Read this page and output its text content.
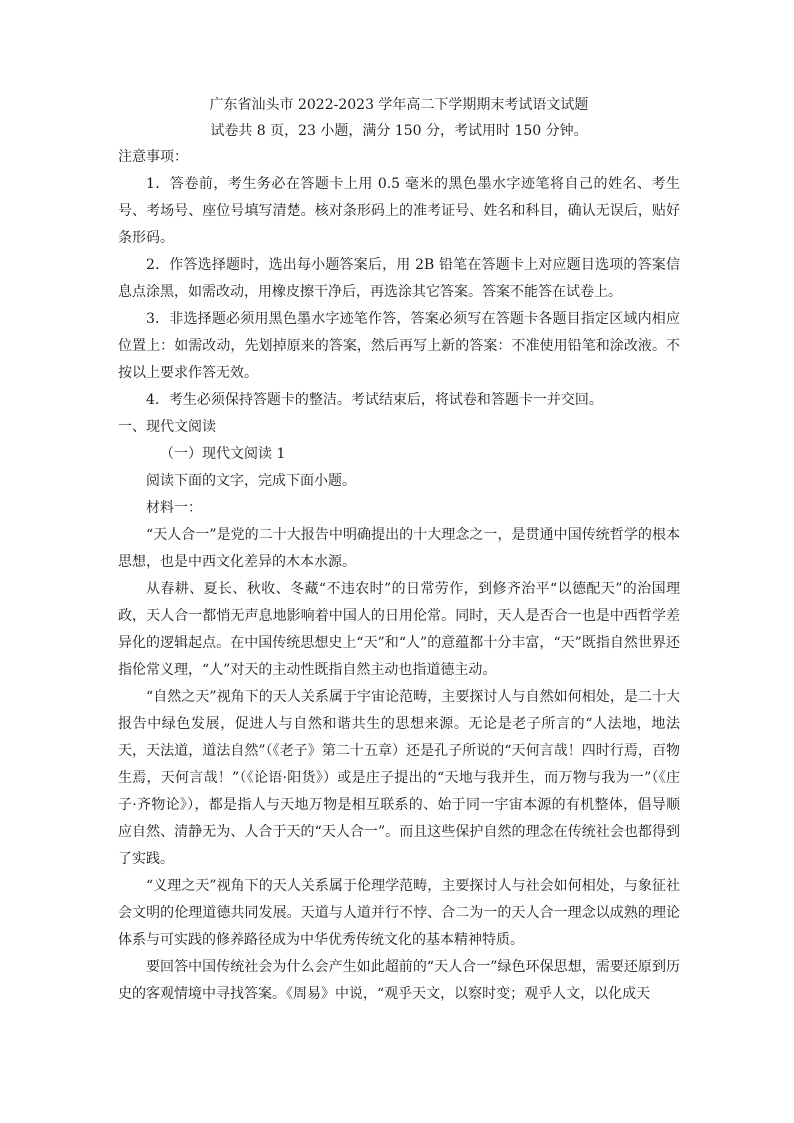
广东省汕头市 2022-2023 学年高二下学期期末考试语文试题

试卷共 8 页，23 小题，满分 150 分，考试用时 150 分钟。

注意事项：

1．答卷前，考生务必在答题卡上用 0.5 毫米的黑色墨水字迹笔将自己的姓名、考生号、考场号、座位号填写清楚。核对条形码上的准考证号、姓名和科目，确认无误后，贴好条形码。

2．作答选择题时，选出每小题答案后，用 2B 铅笔在答题卡上对应题目选项的答案信息点涂黑，如需改动，用橡皮擦干净后，再选涂其它答案。答案不能答在试卷上。

3．非选择题必须用黑色墨水字迹笔作答，答案必须写在答题卡各题目指定区域内相应位置上：如需改动，先划掉原来的答案，然后再写上新的答案：不准使用铅笔和涂改液。不按以上要求作答无效。

4．考生必须保持答题卡的整洁。考试结束后，将试卷和答题卡一并交回。

一、现代文阅读

（一）现代文阅读 1

阅读下面的文字，完成下面小题。

材料一：

“天人合一”是党的二十大报告中明确提出的十大理念之一，是贯通中国传统哲学的根本思想，也是中西文化差异的木本水源。

从春耕、夏长、秋收、冬藏“不违农时”的日常劳作，到修齐治平“以德配天”的治国理政，天人合一都悄无声息地影响着中国人的日用伦常。同时，天人是否合一也是中西哲学差异化的逻辑起点。在中国传统思想史上“天”和“人”的意蕴都十分丰富，“天”既指自然世界还指伦常义理，“人”对天的主动性既指自然主动也指道德主动。

“自然之天”视角下的天人关系属于宇宙论范畴，主要探讨人与自然如何相处，是二十大报告中绿色发展，促进人与自然和谐共生的思想来源。无论是老子所言的“人法地，地法天，天法道，道法自然”（《老子》第二十五章）还是孔子所说的“天何言哉！四时行焉，百物生焉，天何言哉！”（《论语·阳货》）或是庄子提出的“天地与我并生，而万物与我为一”（《庄子·齐物论》），都是指人与天地万物是相互联系的、始于同一宇宙本源的有机整体，倡导顺应自然、清静无为、人合于天的“天人合一”。而且这些保护自然的理念在传统社会也都得到了实践。

“义理之天”视角下的天人关系属于伦理学范畴，主要探讨人与社会如何相处，与象征社会文明的伦理道德共同发展。天道与人道并行不悖、合二为一的天人合一理念以成熟的理论体系与可实践的修养路径成为中华优秀传统文化的基本精神特质。

要回答中国传统社会为什么会产生如此超前的“天人合一”绿色环保思想，需要还原到历史的客观情境中寻找答案。《周易》中说，“观乎天文，以察时变；观乎人文，以化成天
